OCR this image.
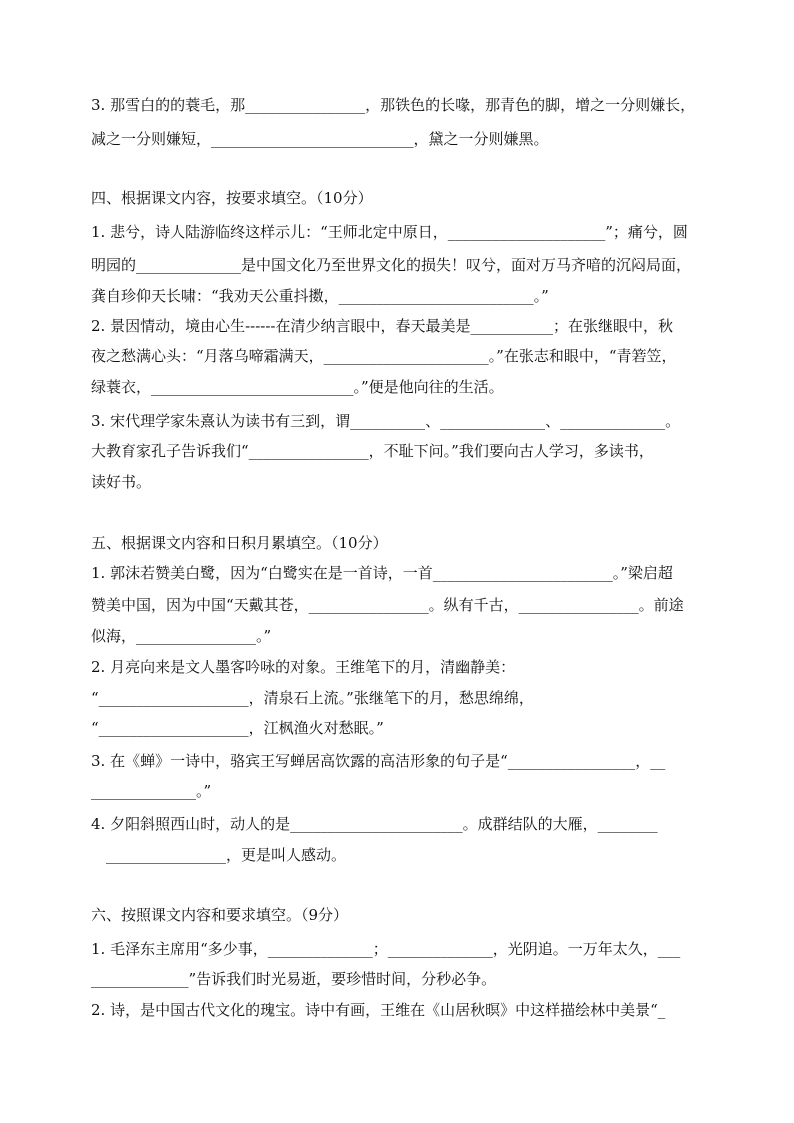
3. 那雪白的的蓑毛，那________________，那铁色的长喙，那青色的脚，增之一分则嫌长，
减之一分则嫌短，___________________________，黛之一分则嫌黑。
四、根据课文内容，按要求填空。（10分）
1. 悲兮，诗人陆游临终这样示儿：“王师北定中原日，_____________________”；痛兮，圆
明园的______________是中国文化乃至世界文化的损失！叹兮，面对万马齐喑的沉闷局面，
龚自珍仰天长啸：“我劝天公重抖擞，__________________________。”
2. 景因情动，境由心生------在清少纳言眼中，春天最美是___________；在张继眼中，秋
夜之愁满心头：“月落乌啼霜满天，______________________。”在张志和眼中，“青箬笠，
绿蓑衣，___________________________。”便是他向往的生活。
3. 宋代理学家朱熹认为读书有三到，谓__________、______________、______________。
大教育家孔子告诉我们“________________，不耻下问。”我们要向古人学习，多读书，
读好书。
五、根据课文内容和日积月累填空。（10分）
1. 郭沫若赞美白鹭，因为“白鹭实在是一首诗，一首________________________。”梁启超
赞美中国，因为中国“天戴其苍，________________。纵有千古，________________。前途
似海，________________。”
2. 月亮向来是文人墨客吟咏的对象。王维笔下的月，清幽静美：
“____________________，清泉石上流。”张继笔下的月，愁思绵绵，
“____________________，江枫渔火对愁眠。”
3. 在《蝉》一诗中，骆宾王写蝉居高饮露的高洁形象的句子是“_________________，__
______________。”
4. 夕阳斜照西山时，动人的是_______________________。成群结队的大雁，________
________________，更是叫人感动。
六、按照课文内容和要求填空。（9分）
1. 毛泽东主席用“多少事，______________；______________，光阴追。一万年太久，___
_____________”告诉我们时光易逝，要珍惜时间，分秒必争。
2. 诗，是中国古代文化的瑰宝。诗中有画，王维在《山居秋暝》中这样描绘林中美景“_
